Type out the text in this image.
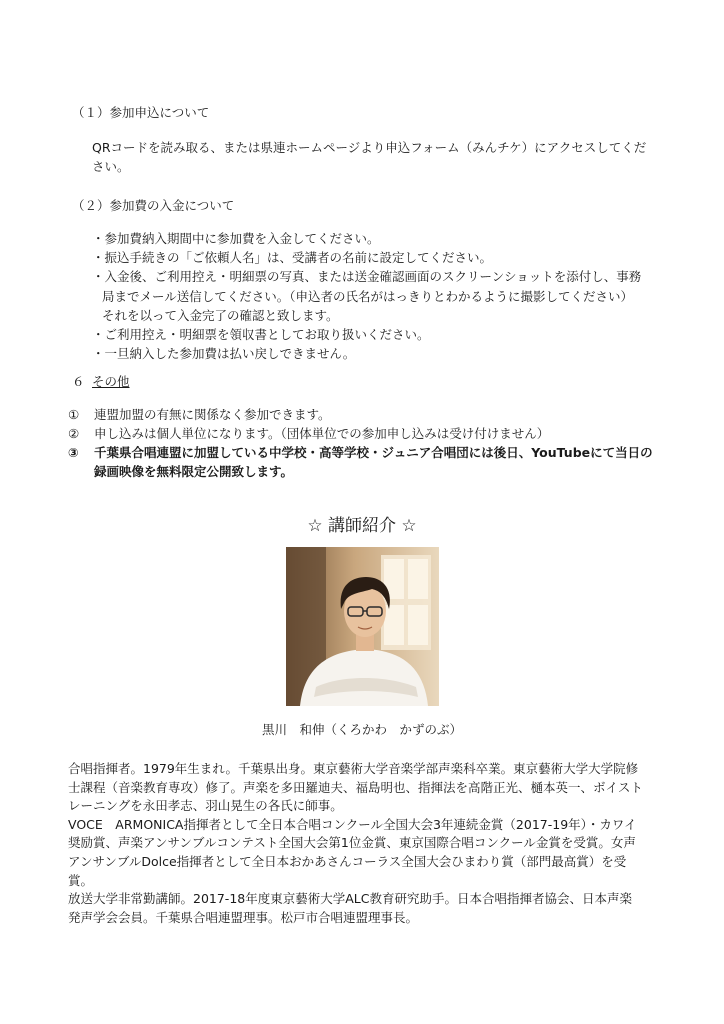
（１）参加申込について
QRコードを読み取る、または県連ホームページより申込フォーム（みんチケ）にアクセスしてくだ
さい。
（２）参加費の入金について
・参加費納入期間中に参加費を入金してください。
・振込手続きの「ご依頼人名」は、受講者の名前に設定してください。
・入金後、ご利用控え・明細票の写真、または送金確認画面のスクリーンショットを添付し、事務
局までメール送信してください。（申込者の氏名がはっきりとわかるように撮影してください）
それを以って入金完了の確認と致します。
・ご利用控え・明細票を領収書としてお取り扱いください。
・一旦納入した参加費は払い戻しできません。
６ その他
①	連盟加盟の有無に関係なく参加できます。
②	申し込みは個人単位になります。（団体単位での参加申し込みは受け付けません）
③	千葉県合唱連盟に加盟している中学校・高等学校・ジュニア合唱団には後日、YouTubeにて当日の
録画映像を無料限定公開致します。
☆ 講師紹介 ☆
黒川　和伸（くろかわ　かずのぶ）
合唱指揮者。1979年生まれ。千葉県出身。東京藝術大学音楽学部声楽科卒業。東京藝術大学大学院修
士課程（音楽教育専攻）修了。声楽を多田羅迪夫、福島明也、指揮法を高階正光、樋本英一、ボイスト
レーニングを永田孝志、羽山晃生の各氏に師事。
VOCE　ARMONICA指揮者として全日本合唱コンクール全国大会3年連続金賞（2017-19年）・カワイ
奨励賞、声楽アンサンブルコンテスト全国大会第1位金賞、東京国際合唱コンクール金賞を受賞。女声
アンサンブルDolce指揮者として全日本おかあさんコーラス全国大会ひまわり賞（部門最高賞）を受
賞。
放送大学非常勤講師。2017-18年度東京藝術大学ALC教育研究助手。日本合唱指揮者協会、日本声楽
発声学会会員。千葉県合唱連盟理事。松戸市合唱連盟理事長。
